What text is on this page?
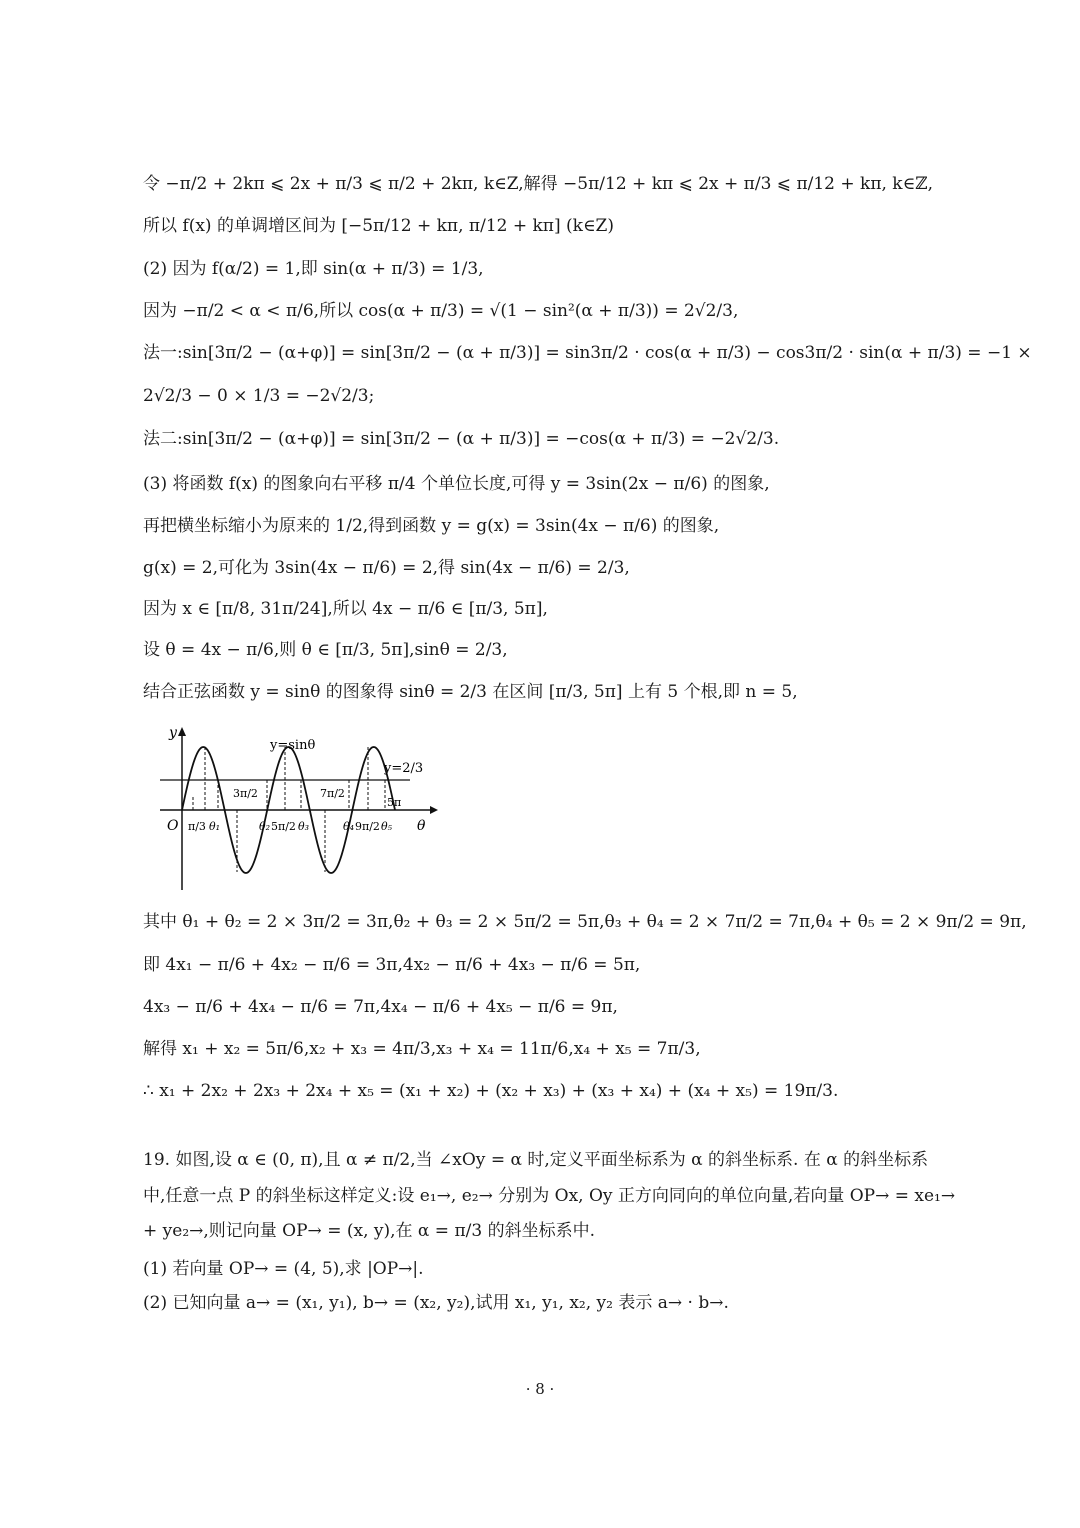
令 −π/2 + 2kπ ⩽ 2x + π/3 ⩽ π/2 + 2kπ, k∈Z,解得 −5π/12 + kπ ⩽ 2x + π/3 ⩽ π/12 + kπ, k∈ℤ,
所以 f(x) 的单调增区间为 [−5π/12 + kπ, π/12 + kπ] (k∈Z)
(2) 因为 f(α/2) = 1,即 sin(α + π/3) = 1/3,
因为 −π/2 < α < π/6,所以 cos(α + π/3) = √(1 − sin²(α + π/3)) = 2√2/3,
法一:sin[3π/2 − (α+φ)] = sin[3π/2 − (α + π/3)] = sin3π/2 · cos(α + π/3) − cos3π/2 · sin(α + π/3) = −1 ×
2√2/3 − 0 × 1/3 = −2√2/3;
法二:sin[3π/2 − (α+φ)] = sin[3π/2 − (α + π/3)] = −cos(α + π/3) = −2√2/3.
(3) 将函数 f(x) 的图象向右平移 π/4 个单位长度,可得 y = 3sin(2x − π/6) 的图象,
再把横坐标缩小为原来的 1/2,得到函数 y = g(x) = 3sin(4x − π/6) 的图象,
g(x) = 2,可化为 3sin(4x − π/6) = 2,得 sin(4x − π/6) = 2/3,
因为 x ∈ [π/8, 31π/24],所以 4x − π/6 ∈ [π/3, 5π],
设 θ = 4x − π/6,则 θ ∈ [π/3, 5π],sinθ = 2/3,
结合正弦函数 y = sinθ 的图象得 sinθ = 2/3 在区间 [π/3, 5π] 上有 5 个根,即 n = 5,
y
θ
O
y=sinθ
y=2/3
π/3
3π/2
5π/2
7π/2
9π/2
5π
θ₁	θ₂	θ₃	θ₄ θ₅
其中 θ₁ + θ₂ = 2 × 3π/2 = 3π,θ₂ + θ₃ = 2 × 5π/2 = 5π,θ₃ + θ₄ = 2 × 7π/2 = 7π,θ₄ + θ₅ = 2 × 9π/2 = 9π,
即 4x₁ − π/6 + 4x₂ − π/6 = 3π,4x₂ − π/6 + 4x₃ − π/6 = 5π,
4x₃ − π/6 + 4x₄ − π/6 = 7π,4x₄ − π/6 + 4x₅ − π/6 = 9π,
解得 x₁ + x₂ = 5π/6,x₂ + x₃ = 4π/3,x₃ + x₄ = 11π/6,x₄ + x₅ = 7π/3,
∴ x₁ + 2x₂ + 2x₃ + 2x₄ + x₅ = (x₁ + x₂) + (x₂ + x₃) + (x₃ + x₄) + (x₄ + x₅) = 19π/3.
19. 如图,设 α ∈ (0, π),且 α ≠ π/2,当 ∠xOy = α 时,定义平面坐标系为 α 的斜坐标系. 在 α 的斜坐标系
中,任意一点 P 的斜坐标这样定义:设 e₁→, e₂→ 分别为 Ox, Oy 正方向同向的单位向量,若向量 OP→ = xe₁→
+ ye₂→,则记向量 OP→ = (x, y),在 α = π/3 的斜坐标系中.
(1) 若向量 OP→ = (4, 5),求 |OP→|.
(2) 已知向量 a→ = (x₁, y₁), b→ = (x₂, y₂),试用 x₁, y₁, x₂, y₂ 表示 a→ · b→.
· 8 ·
